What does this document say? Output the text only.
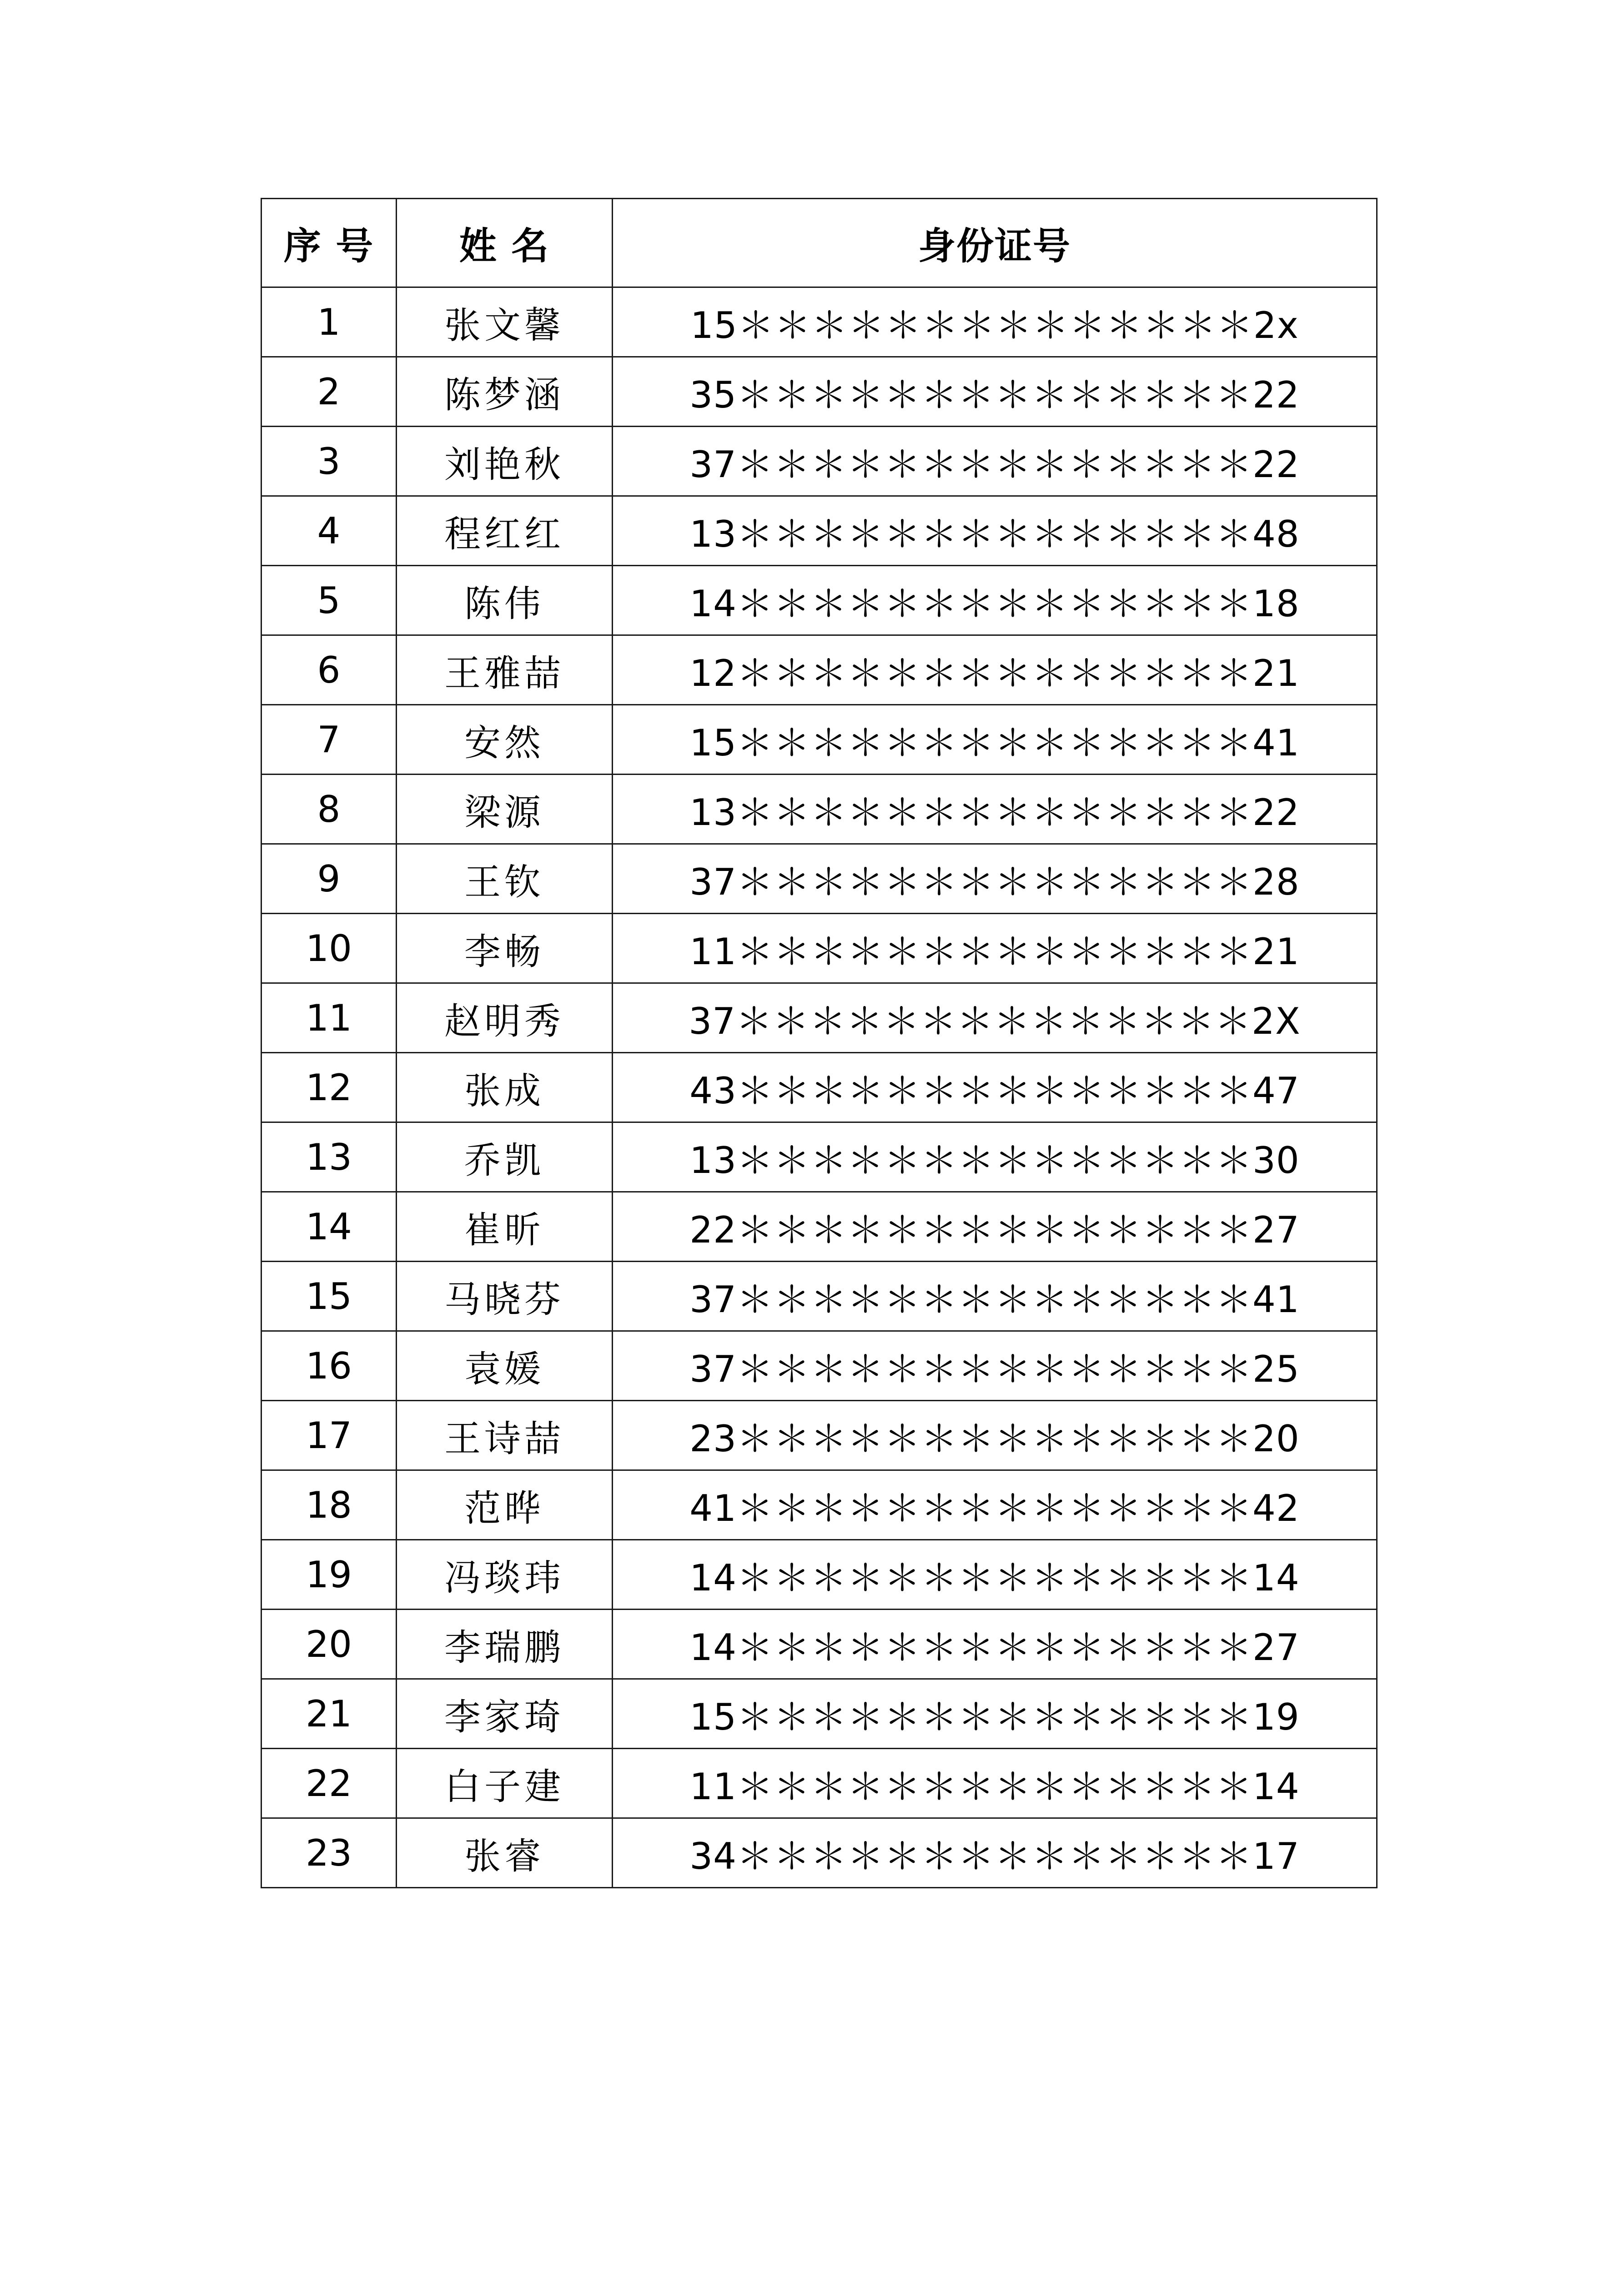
序 号	姓 名	身份证号
1	张文馨	15＊＊＊＊＊＊＊＊＊＊＊＊＊＊2x
2	陈梦涵	35＊＊＊＊＊＊＊＊＊＊＊＊＊＊22
3	刘艳秋	37＊＊＊＊＊＊＊＊＊＊＊＊＊＊22
4	程红红	13＊＊＊＊＊＊＊＊＊＊＊＊＊＊48
5	陈伟	14＊＊＊＊＊＊＊＊＊＊＊＊＊＊18
6	王雅喆	12＊＊＊＊＊＊＊＊＊＊＊＊＊＊21
7	安然	15＊＊＊＊＊＊＊＊＊＊＊＊＊＊41
8	梁源	13＊＊＊＊＊＊＊＊＊＊＊＊＊＊22
9	王钦	37＊＊＊＊＊＊＊＊＊＊＊＊＊＊28
10	李畅	11＊＊＊＊＊＊＊＊＊＊＊＊＊＊21
11	赵明秀	37＊＊＊＊＊＊＊＊＊＊＊＊＊＊2X
12	张成	43＊＊＊＊＊＊＊＊＊＊＊＊＊＊47
13	乔凯	13＊＊＊＊＊＊＊＊＊＊＊＊＊＊30
14	崔昕	22＊＊＊＊＊＊＊＊＊＊＊＊＊＊27
15	马晓芬	37＊＊＊＊＊＊＊＊＊＊＊＊＊＊41
16	袁媛	37＊＊＊＊＊＊＊＊＊＊＊＊＊＊25
17	王诗喆	23＊＊＊＊＊＊＊＊＊＊＊＊＊＊20
18	范晔	41＊＊＊＊＊＊＊＊＊＊＊＊＊＊42
19	冯琰玮	14＊＊＊＊＊＊＊＊＊＊＊＊＊＊14
20	李瑞鹏	14＊＊＊＊＊＊＊＊＊＊＊＊＊＊27
21	李家琦	15＊＊＊＊＊＊＊＊＊＊＊＊＊＊19
22	白子建	11＊＊＊＊＊＊＊＊＊＊＊＊＊＊14
23	张睿	34＊＊＊＊＊＊＊＊＊＊＊＊＊＊17
